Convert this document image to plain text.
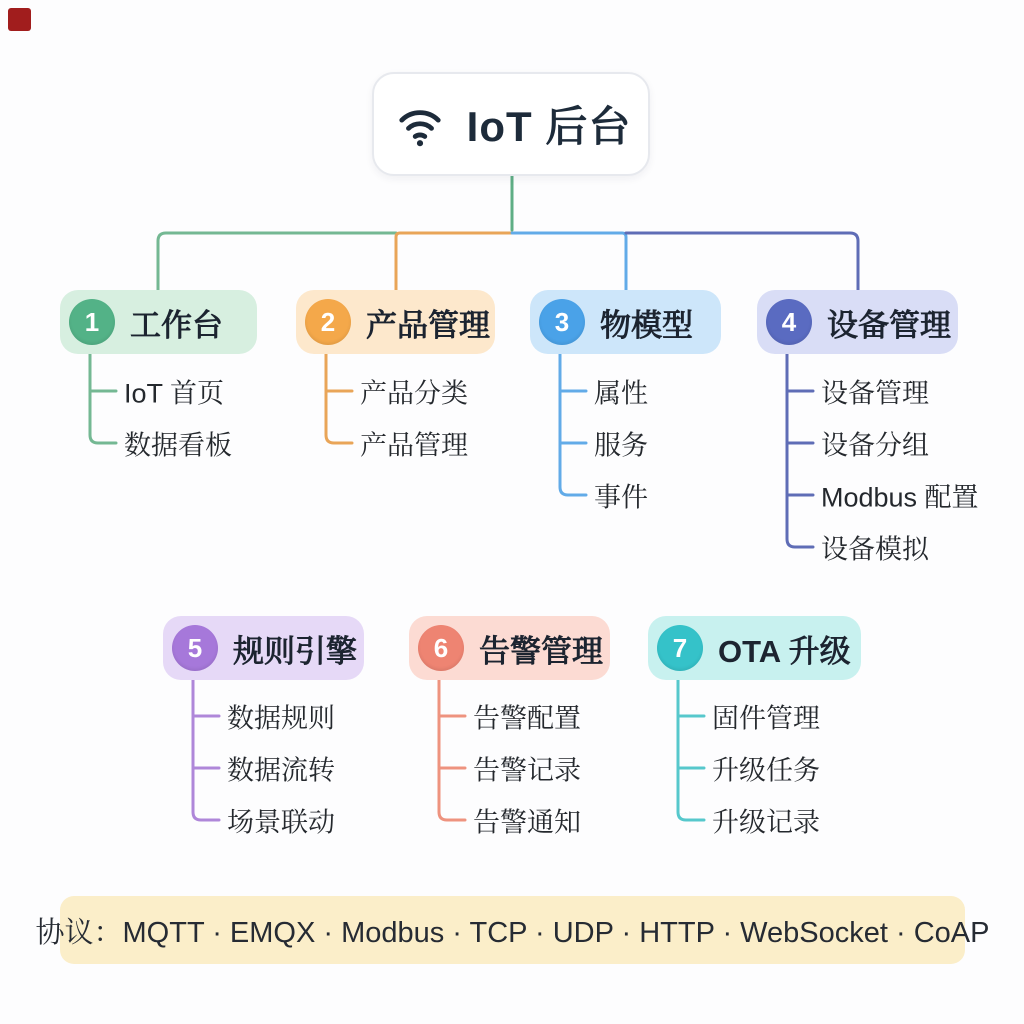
IoT 后台
1 工作台
IoT 首页
数据看板
2 产品管理
产品分类
产品管理
3 物模型
属性
服务
事件
4 设备管理
设备管理
设备分组
Modbus 配置
设备模拟
5 规则引擎
数据规则
数据流转
场景联动
6 告警管理
告警配置
告警记录
告警通知
7 OTA 升级
固件管理
升级任务
升级记录
协议：MQTT · EMQX · Modbus · TCP · UDP · HTTP · WebSocket · CoAP
